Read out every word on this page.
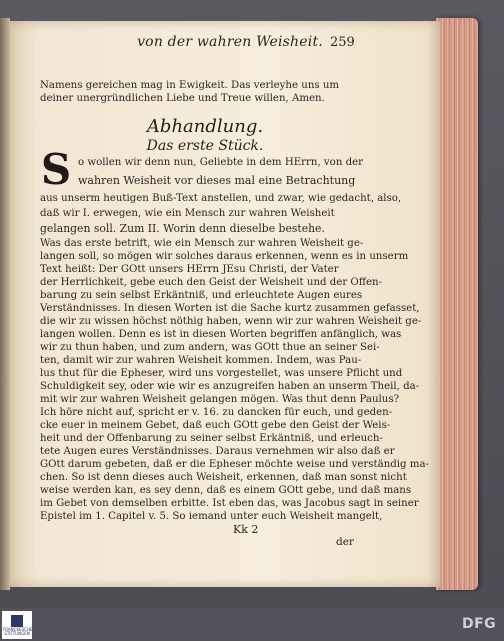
von der wahren Weisheit. 259
Namens gereichen mag in Ewigkeit. Das verleyhe uns um
deiner unergründlichen Liebe und Treue willen, Amen.
Abhandlung.
Das erste Stück.
S o wollen wir denn nun, Geliebte in dem HErrn, von der
wahren Weisheit vor dieses mal eine Betrachtung
aus unserm heutigen Buß-Text anstellen, und zwar, wie gedacht, also,
daß wir I. erwegen, wie ein Mensch zur wahren Weisheit
gelangen soll. Zum II. Worin denn dieselbe bestehe.
Was das erste betrift, wie ein Mensch zur wahren Weisheit ge-
langen soll, so mögen wir solches daraus erkennen, wenn es in unserm
Text heißt: Der GOtt unsers HErrn JEsu Christi, der Vater
der Herrlichkeit, gebe euch den Geist der Weisheit und der Offen-
barung zu sein selbst Erkäntniß, und erleuchtete Augen eures
Verständnisses. In diesen Worten ist die Sache kurtz zusammen gefasset,
die wir zu wissen höchst nöthig haben, wenn wir zur wahren Weisheit ge-
langen wollen. Denn es ist in diesen Worten begriffen anfänglich, was
wir zu thun haben, und zum andern, was GOtt thue an seiner Sei-
ten, damit wir zur wahren Weisheit kommen. Indem, was Pau-
lus thut für die Epheser, wird uns vorgestellet, was unsere Pflicht und
Schuldigkeit sey, oder wie wir es anzugreifen haben an unserm Theil, da-
mit wir zur wahren Weisheit gelangen mögen. Was thut denn Paulus?
Ich höre nicht auf, spricht er v. 16. zu dancken für euch, und geden-
cke euer in meinem Gebet, daß euch GOtt gebe den Geist der Weis-
heit und der Offenbarung zu seiner selbst Erkäntniß, und erleuch-
tete Augen eures Verständnisses. Daraus vernehmen wir also daß er
GOtt darum gebeten, daß er die Epheser möchte weise und verständig ma-
chen. So ist denn dieses auch Weisheit, erkennen, daß man sonst nicht
weise werden kan, es sey denn, daß es einem GOtt gebe, und daß mans
im Gebet von demselben erbitte. Ist eben das, was Jacobus sagt in seiner
Epistel im 1. Capitel v. 5. So iemand unter euch Weisheit mangelt,
Kk 2
der
FRANCKESCHE STIFTUNGEN
DFG
